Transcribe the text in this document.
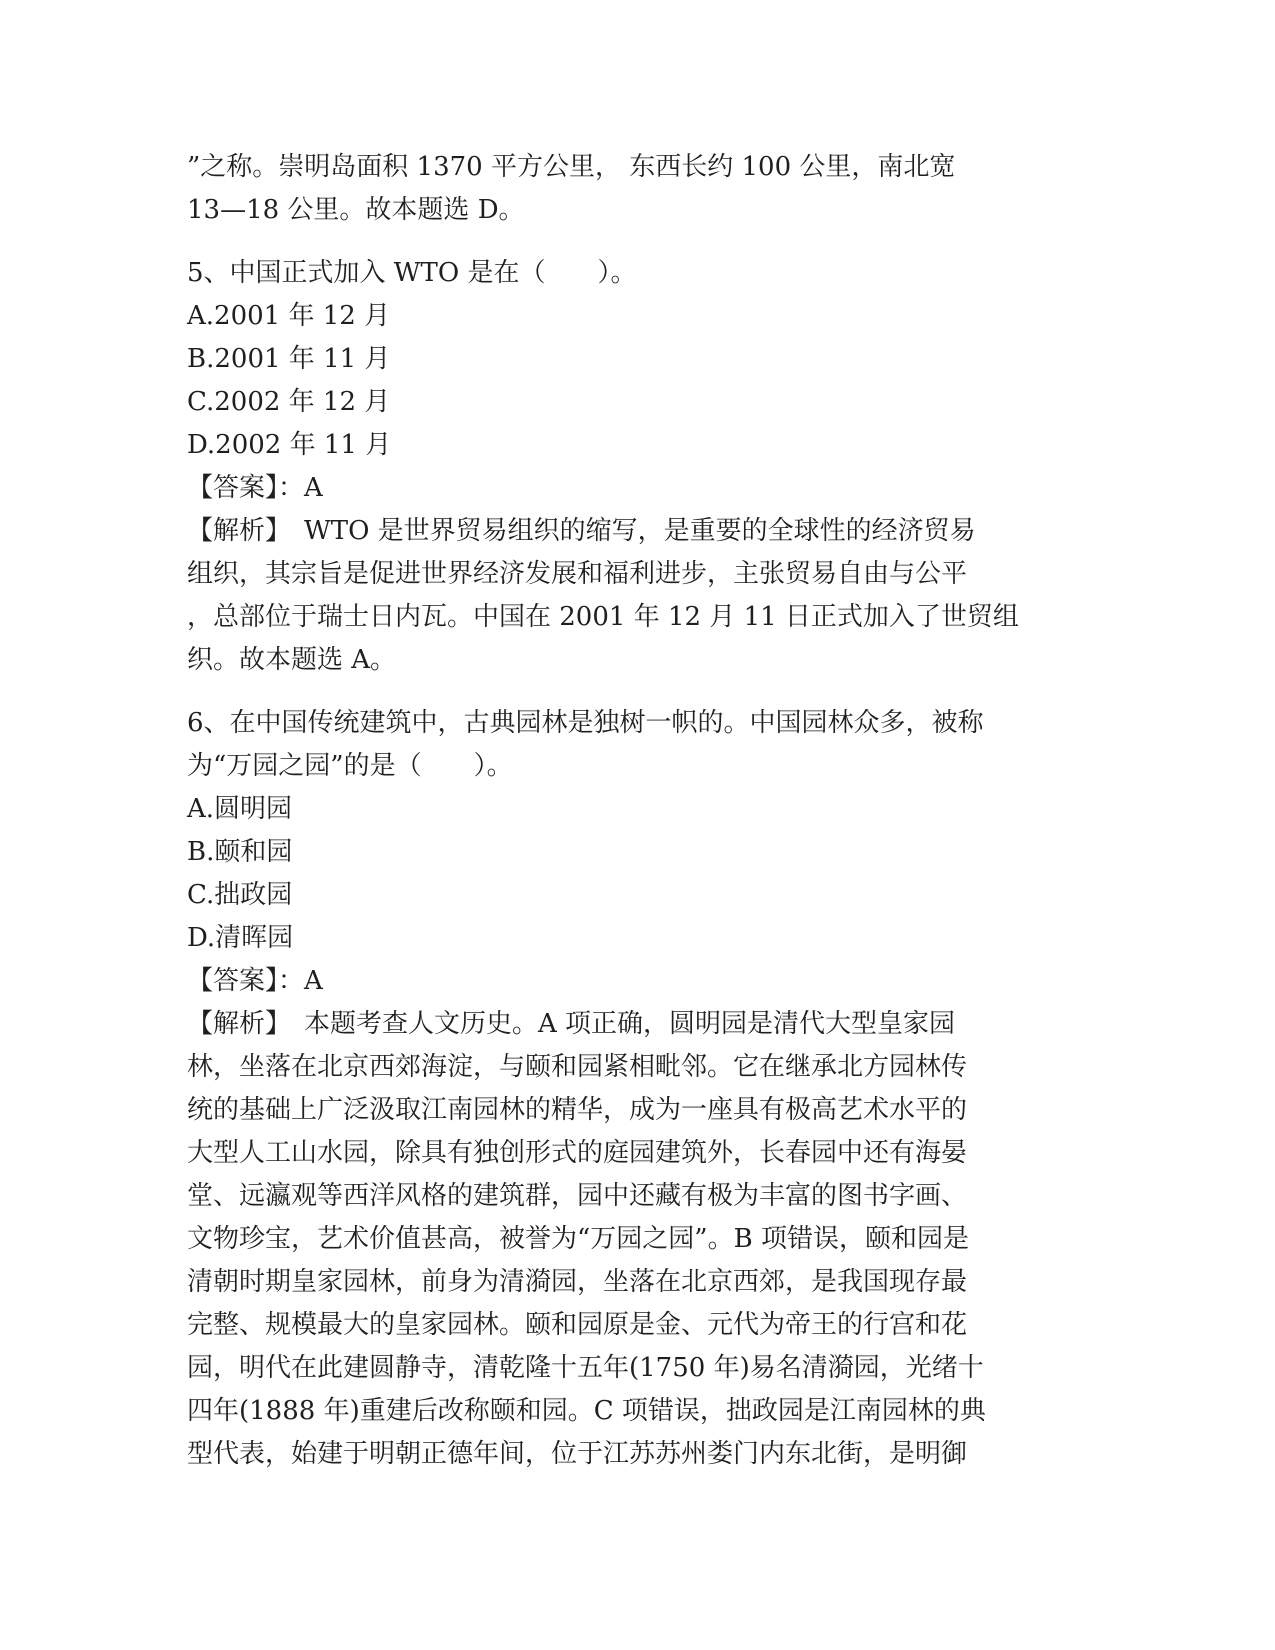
”之称。崇明岛面积 1370 平方公里， 东西长约 100 公里，南北宽

13—18 公里。故本题选 D。

5、中国正式加入 WTO 是在（　　）。

A.2001 年 12 月

B.2001 年 11 月

C.2002 年 12 月

D.2002 年 11 月

【答案】：A

【解析】　WTO 是世界贸易组织的缩写，是重要的全球性的经济贸易

组织，其宗旨是促进世界经济发展和福利进步，主张贸易自由与公平

，总部位于瑞士日内瓦。中国在 2001 年 12 月 11 日正式加入了世贸组

织。故本题选 A。

6、在中国传统建筑中，古典园林是独树一帜的。中国园林众多，被称

为“万园之园”的是（　　）。

A.圆明园

B.颐和园

C.拙政园

D.清晖园

【答案】：A

【解析】　本题考查人文历史。A 项正确，圆明园是清代大型皇家园

林，坐落在北京西郊海淀，与颐和园紧相毗邻。它在继承北方园林传

统的基础上广泛汲取江南园林的精华，成为一座具有极高艺术水平的

大型人工山水园，除具有独创形式的庭园建筑外，长春园中还有海晏

堂、远瀛观等西洋风格的建筑群，园中还藏有极为丰富的图书字画、

文物珍宝，艺术价值甚高，被誉为“万园之园”。B 项错误，颐和园是

清朝时期皇家园林，前身为清漪园，坐落在北京西郊，是我国现存最

完整、规模最大的皇家园林。颐和园原是金、元代为帝王的行宫和花

园，明代在此建圆静寺，清乾隆十五年(1750 年)易名清漪园，光绪十

四年(1888 年)重建后改称颐和园。C 项错误，拙政园是江南园林的典

型代表，始建于明朝正德年间，位于江苏苏州娄门内东北街，是明御
